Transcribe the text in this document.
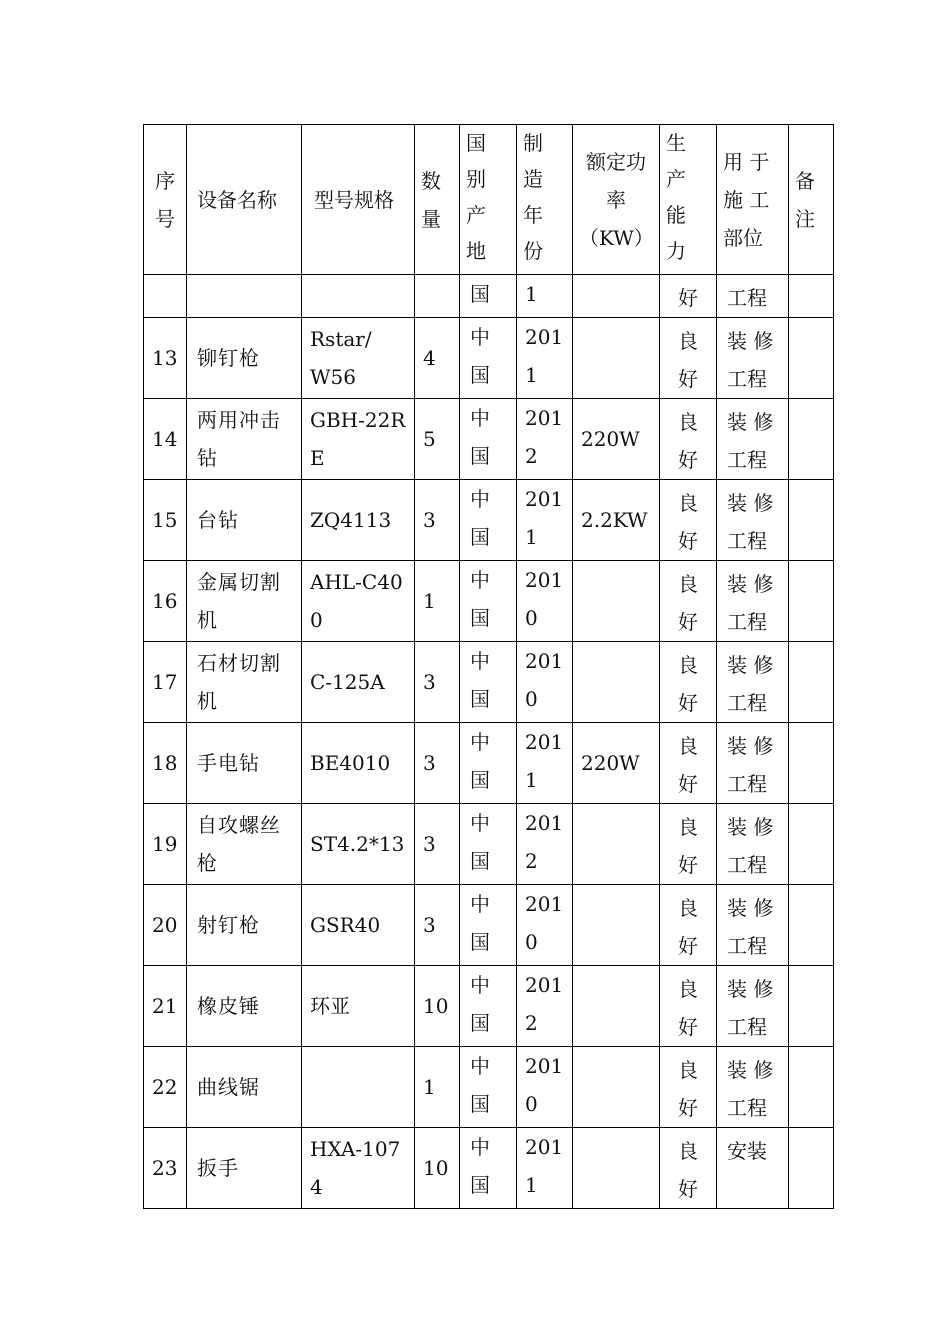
序
号	设备名称	型号规格	数
量	国
别
产
地	制
造
年
份	额定功
率
（KW）	生
产
能
力	用 于
施 工
部位	备
注

				国	1		好	工程	

13	铆钉枪	Rstar/
W56	4	中
国	201
1		良
好	装 修
工程	

14	两用冲击
钻	GBH-22RE	5	中
国	201
2	220W	良
好	装 修
工程	

15	台钻	ZQ4113	3	中
国	201
1	2.2KW	良
好	装 修
工程	

16	金属切割
机	AHL-C400	1	中
国	201
0		良
好	装 修
工程	

17	石材切割
机	C-125A	3	中
国	201
0		良
好	装 修
工程	

18	手电钻	BE4010	3	中
国	201
1	220W	良
好	装 修
工程	

19	自攻螺丝
枪	ST4.2*13	3	中
国	201
2		良
好	装 修
工程	

20	射钉枪	GSR40	3	中
国	201
0		良
好	装 修
工程	

21	橡皮锤	环亚	10	中
国	201
2		良
好	装 修
工程	

22	曲线锯		1	中
国	201
0		良
好	装 修
工程	

23	扳手	HXA-1074	10	中
国	201
1		良
好	安装	
